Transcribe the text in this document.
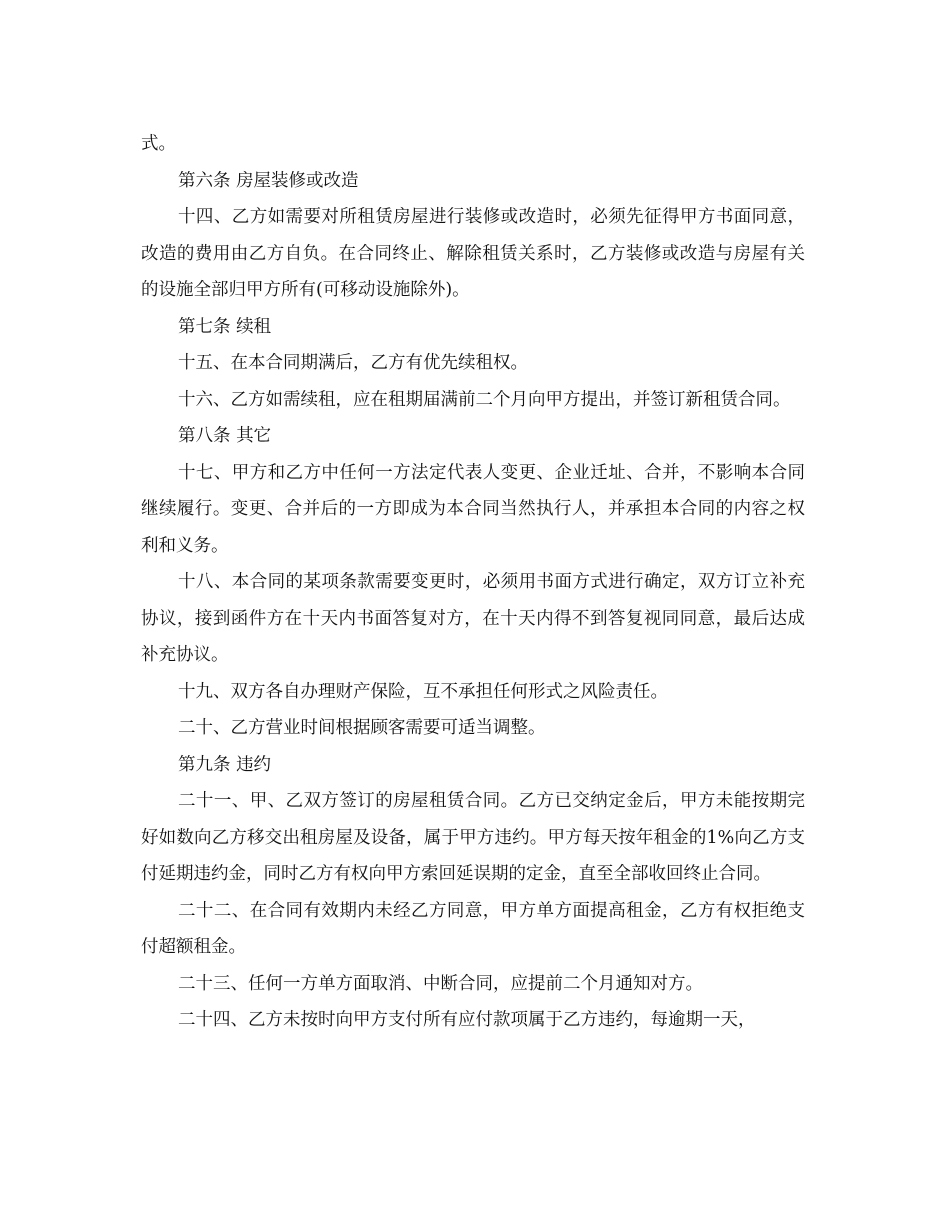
式。

第六条 房屋装修或改造

十四、乙方如需要对所租赁房屋进行装修或改造时，必须先征得甲方书面同意，改造的费用由乙方自负。在合同终止、解除租赁关系时，乙方装修或改造与房屋有关的设施全部归甲方所有(可移动设施除外)。

第七条 续租

十五、在本合同期满后，乙方有优先续租权。

十六、乙方如需续租，应在租期届满前二个月向甲方提出，并签订新租赁合同。

第八条 其它

十七、甲方和乙方中任何一方法定代表人变更、企业迁址、合并，不影响本合同继续履行。变更、合并后的一方即成为本合同当然执行人，并承担本合同的内容之权利和义务。

十八、本合同的某项条款需要变更时，必须用书面方式进行确定，双方订立补充协议，接到函件方在十天内书面答复对方，在十天内得不到答复视同同意，最后达成补充协议。

十九、双方各自办理财产保险，互不承担任何形式之风险责任。

二十、乙方营业时间根据顾客需要可适当调整。

第九条 违约

二十一、甲、乙双方签订的房屋租赁合同。乙方已交纳定金后，甲方未能按期完好如数向乙方移交出租房屋及设备，属于甲方违约。甲方每天按年租金的1%向乙方支付延期违约金，同时乙方有权向甲方索回延误期的定金，直至全部收回终止合同。

二十二、在合同有效期内未经乙方同意，甲方单方面提高租金，乙方有权拒绝支付超额租金。

二十三、任何一方单方面取消、中断合同，应提前二个月通知对方。

二十四、乙方未按时向甲方支付所有应付款项属于乙方违约，每逾期一天，
